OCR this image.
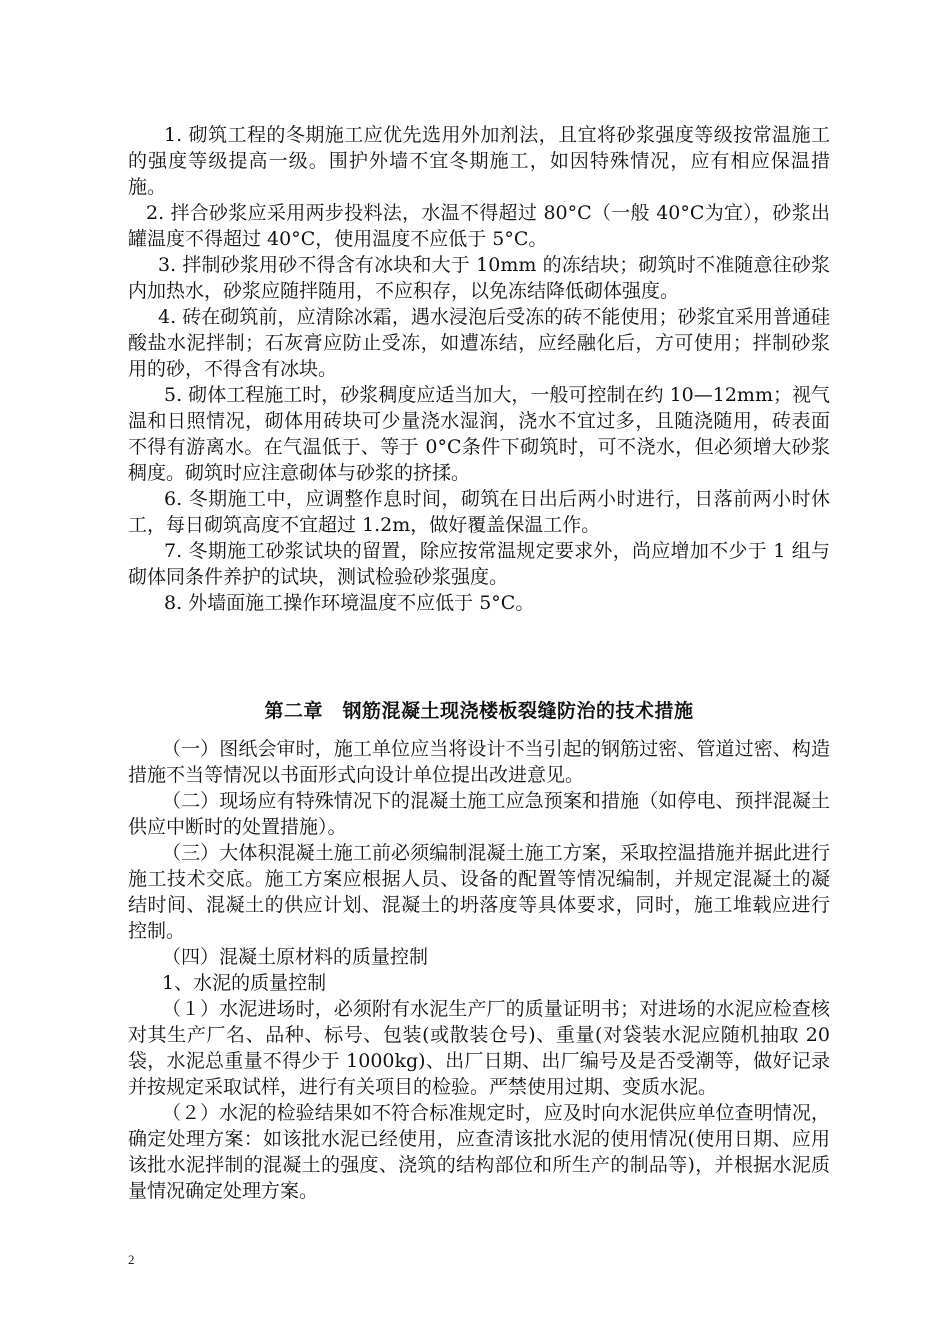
1. 砌筑工程的冬期施工应优先选用外加剂法，且宜将砂浆强度等级按常温施工的强度等级提高一级。围护外墙不宜冬期施工，如因特殊情况，应有相应保温措施。

2. 拌合砂浆应采用两步投料法，水温不得超过 80°C（一般 40°C为宜），砂浆出罐温度不得超过 40°C，使用温度不应低于 5°C。

3. 拌制砂浆用砂不得含有冰块和大于 10mm 的冻结块；砌筑时不准随意往砂浆内加热水，砂浆应随拌随用，不应积存，以免冻结降低砌体强度。

4. 砖在砌筑前，应清除冰霜，遇水浸泡后受冻的砖不能使用；砂浆宜采用普通硅酸盐水泥拌制；石灰膏应防止受冻，如遭冻结，应经融化后，方可使用；拌制砂浆用的砂，不得含有冰块。

5. 砌体工程施工时，砂浆稠度应适当加大，一般可控制在约 10—12mm；视气温和日照情况，砌体用砖块可少量浇水湿润，浇水不宜过多，且随浇随用，砖表面不得有游离水。在气温低于、等于 0°C条件下砌筑时，可不浇水，但必须增大砂浆稠度。砌筑时应注意砌体与砂浆的挤揉。

6. 冬期施工中，应调整作息时间，砌筑在日出后两小时进行，日落前两小时休工，每日砌筑高度不宜超过 1.2m，做好覆盖保温工作。

7. 冬期施工砂浆试块的留置，除应按常温规定要求外，尚应增加不少于 1 组与砌体同条件养护的试块，测试检验砂浆强度。

8. 外墙面施工操作环境温度不应低于 5°C。

第二章　钢筋混凝土现浇楼板裂缝防治的技术措施

（一）图纸会审时，施工单位应当将设计不当引起的钢筋过密、管道过密、构造措施不当等情况以书面形式向设计单位提出改进意见。

（二）现场应有特殊情况下的混凝土施工应急预案和措施（如停电、预拌混凝土供应中断时的处置措施）。

（三）大体积混凝土施工前必须编制混凝土施工方案，采取控温措施并据此进行施工技术交底。施工方案应根据人员、设备的配置等情况编制，并规定混凝土的凝结时间、混凝土的供应计划、混凝土的坍落度等具体要求，同时，施工堆载应进行控制。

（四）混凝土原材料的质量控制

1、水泥的质量控制

（１）水泥进场时，必须附有水泥生产厂的质量证明书；对进场的水泥应检查核对其生产厂名、品种、标号、包装(或散装仓号)、重量(对袋装水泥应随机抽取 20 袋，水泥总重量不得少于 1000kg)、出厂日期、出厂编号及是否受潮等，做好记录并按规定采取试样，进行有关项目的检验。严禁使用过期、变质水泥。

（２）水泥的检验结果如不符合标准规定时，应及时向水泥供应单位查明情况，确定处理方案：如该批水泥已经使用，应查清该批水泥的使用情况(使用日期、应用该批水泥拌制的混凝土的强度、浇筑的结构部位和所生产的制品等)，并根据水泥质量情况确定处理方案。

2
